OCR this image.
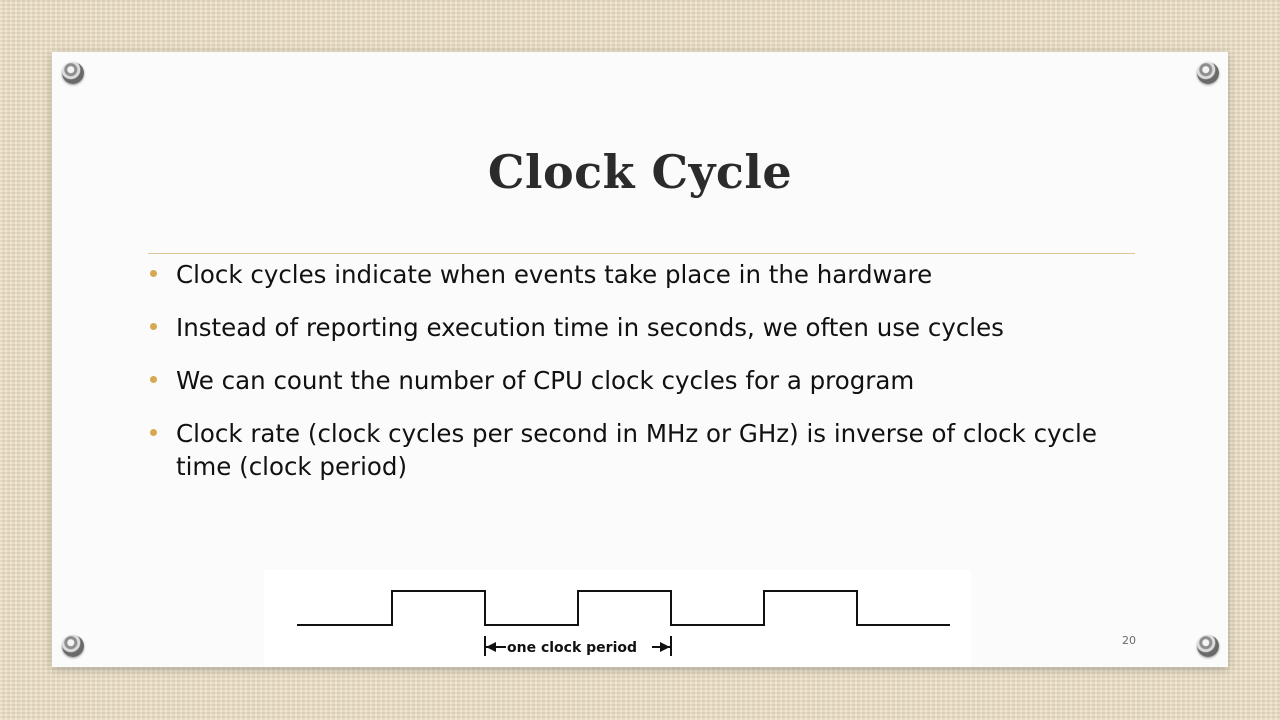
Clock Cycle
Clock cycles indicate when events take place in the hardware
Instead of reporting execution time in seconds, we often use cycles
We can count the number of CPU clock cycles for a program
Clock rate (clock cycles per second in MHz or GHz) is inverse of clock cycle time (clock period)
one clock period	20
